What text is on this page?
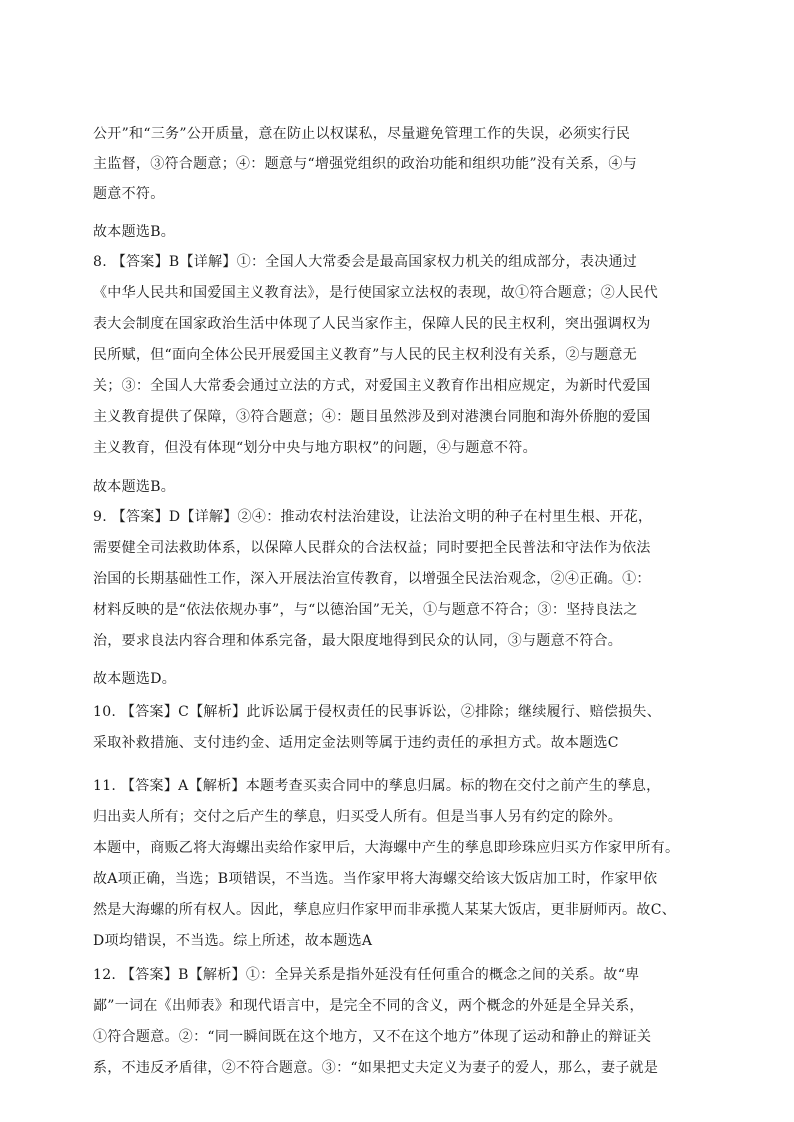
公开”和“三务”公开质量，意在防止以权谋私，尽量避免管理工作的失误，必须实行民
主监督，③符合题意；④：题意与“增强党组织的政治功能和组织功能”没有关系，④与
题意不符。
故本题选B。
8. 【答案】B【详解】①：全国人大常委会是最高国家权力机关的组成部分，表决通过
《中华人民共和国爱国主义教育法》，是行使国家立法权的表现，故①符合题意；②人民代
表大会制度在国家政治生活中体现了人民当家作主，保障人民的民主权利，突出强调权为
民所赋，但“面向全体公民开展爱国主义教育”与人民的民主权利没有关系，②与题意无
关；③：全国人大常委会通过立法的方式，对爱国主义教育作出相应规定，为新时代爱国
主义教育提供了保障，③符合题意；④：题目虽然涉及到对港澳台同胞和海外侨胞的爱国
主义教育，但没有体现“划分中央与地方职权”的问题，④与题意不符。
故本题选B。
9. 【答案】D【详解】②④：推动农村法治建设，让法治文明的种子在村里生根、开花，
需要健全司法救助体系，以保障人民群众的合法权益；同时要把全民普法和守法作为依法
治国的长期基础性工作，深入开展法治宣传教育，以增强全民法治观念，②④正确。①：
材料反映的是“依法依规办事”，与“以德治国”无关，①与题意不符合；③：坚持良法之
治，要求良法内容合理和体系完备，最大限度地得到民众的认同，③与题意不符合。
故本题选D。
10. 【答案】C【解析】此诉讼属于侵权责任的民事诉讼，②排除；继续履行、赔偿损失、
采取补救措施、支付违约金、适用定金法则等属于违约责任的承担方式。故本题选C
11. 【答案】A【解析】本题考查买卖合同中的孳息归属。标的物在交付之前产生的孳息，
归出卖人所有；交付之后产生的孳息，归买受人所有。但是当事人另有约定的除外。
本题中，商贩乙将大海螺出卖给作家甲后，大海螺中产生的孳息即珍珠应归买方作家甲所有。
故A项正确，当选；B项错误，不当选。当作家甲将大海螺交给该大饭店加工时，作家甲依
然是大海螺的所有权人。因此，孳息应归作家甲而非承揽人某某大饭店，更非厨师丙。故C、
D项均错误，不当选。综上所述，故本题选A
12. 【答案】B【解析】①：全异关系是指外延没有任何重合的概念之间的关系。故“卑
鄙”一词在《出师表》和现代语言中，是完全不同的含义，两个概念的外延是全异关系，
①符合题意。②：“同一瞬间既在这个地方，又不在这个地方”体现了运动和静止的辩证关
系，不违反矛盾律，②不符合题意。③：“如果把丈夫定义为妻子的爱人，那么，妻子就是
